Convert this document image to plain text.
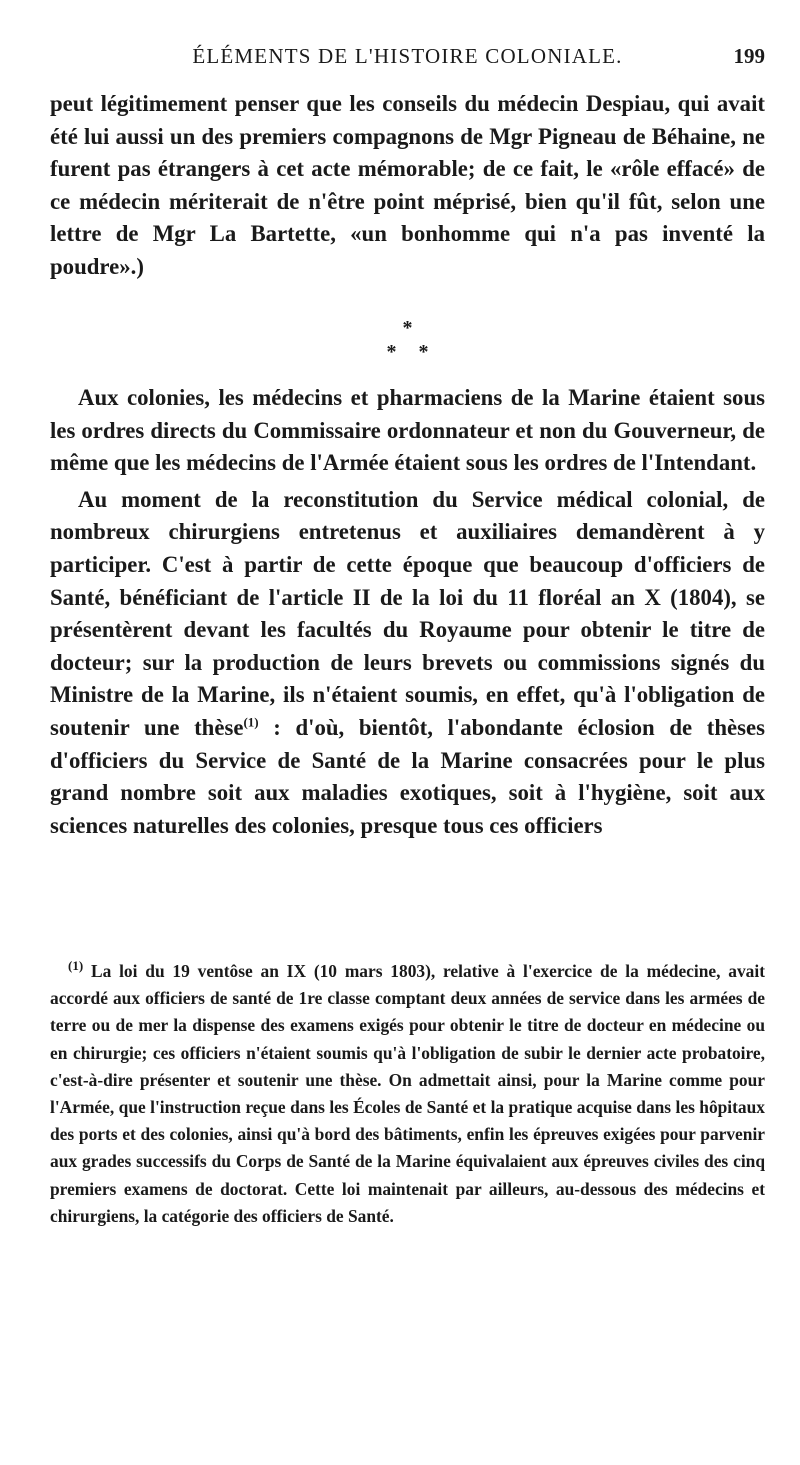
ÉLÉMENTS DE L'HISTOIRE COLONIALE.	199

peut légitimement penser que les conseils du médecin Despiau, qui avait été lui aussi un des premiers compagnons de Mgr Pigneau de Béhaine, ne furent pas étrangers à cet acte mémorable; de ce fait, le «rôle effacé» de ce médecin mériterait de n'être point méprisé, bien qu'il fût, selon une lettre de Mgr La Bartette, «un bonhomme qui n'a pas inventé la poudre».)

*
**

Aux colonies, les médecins et pharmaciens de la Marine étaient sous les ordres directs du Commissaire ordonnateur et non du Gouverneur, de même que les médecins de l'Armée étaient sous les ordres de l'Intendant.

Au moment de la reconstitution du Service médical colonial, de nombreux chirurgiens entretenus et auxiliaires demandèrent à y participer. C'est à partir de cette époque que beaucoup d'officiers de Santé, bénéficiant de l'article II de la loi du 11 floréal an X (1804), se présentèrent devant les facultés du Royaume pour obtenir le titre de docteur; sur la production de leurs brevets ou commissions signés du Ministre de la Marine, ils n'étaient soumis, en effet, qu'à l'obligation de soutenir une thèse$^{(1)}$ : d'où, bientôt, l'abondante éclosion de thèses d'officiers du Service de Santé de la Marine consacrées pour le plus grand nombre soit aux maladies exotiques, soit à l'hygiène, soit aux sciences naturelles des colonies, presque tous ces officiers

$^{(1)}$ La loi du 19 ventôse an IX (10 mars 1803), relative à l'exercice de la médecine, avait accordé aux officiers de santé de 1re classe comptant deux années de service dans les armées de terre ou de mer la dispense des examens exigés pour obtenir le titre de docteur en médecine ou en chirurgie; ces officiers n'étaient soumis qu'à l'obligation de subir le dernier acte probatoire, c'est-à-dire présenter et soutenir une thèse. On admettait ainsi, pour la Marine comme pour l'Armée, que l'instruction reçue dans les Écoles de Santé et la pratique acquise dans les hôpitaux des ports et des colonies, ainsi qu'à bord des bâtiments, enfin les épreuves exigées pour parvenir aux grades successifs du Corps de Santé de la Marine équivalaient aux épreuves civiles des cinq premiers examens de doctorat. Cette loi maintenait par ailleurs, au-dessous des médecins et chirurgiens, la catégorie des officiers de Santé.
